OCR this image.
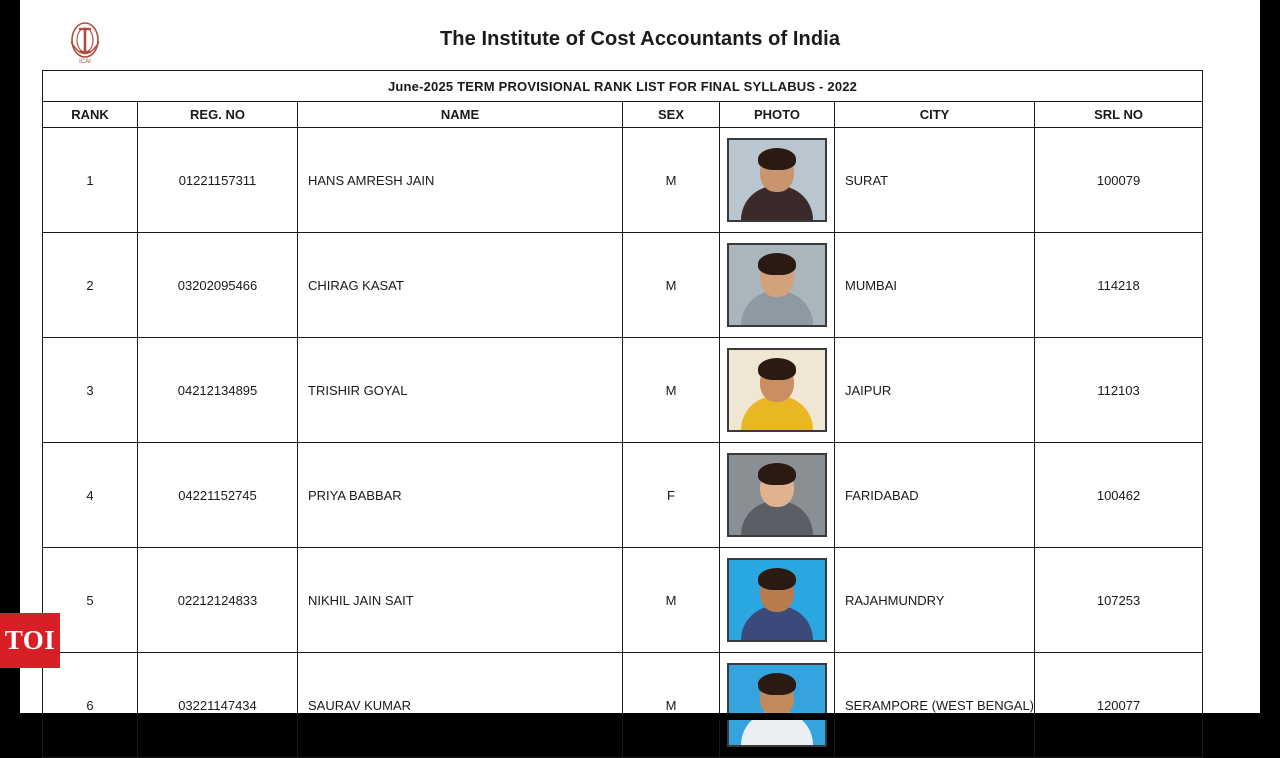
ICAI
The Institute of Cost Accountants of India
June-2025 TERM PROVISIONAL RANK LIST FOR FINAL SYLLABUS - 2022						
RANK	REG. NO	NAME	SEX	PHOTO	CITY	SRL NO
1	01221157311	HANS AMRESH JAIN	M		SURAT	100079
2	03202095466	CHIRAG KASAT	M		MUMBAI	114218
3	04212134895	TRISHIR GOYAL	M		JAIPUR	112103
4	04221152745	PRIYA BABBAR	F		FARIDABAD	100462
5	02212124833	NIKHIL JAIN SAIT	M		RAJAHMUNDRY	107253
6	03221147434	SAURAV KUMAR	M		SERAMPORE (WEST BENGAL)	120077
TOI
